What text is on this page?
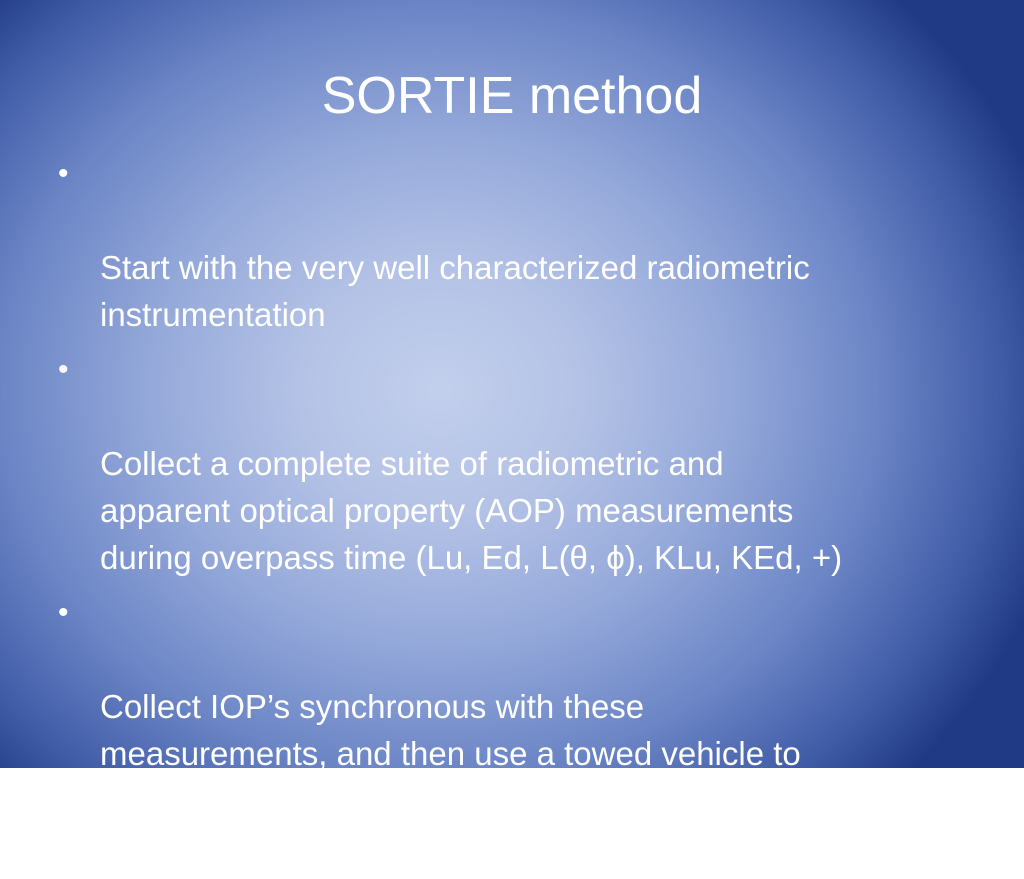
SORTIE method

•

Start with the very well characterized radiometric
instrumentation

•

Collect a complete suite of radiometric and
apparent optical property (AOP) measurements
during overpass time (Lu, Ed, L(θ, ϕ), KLu, KEd, +)

•

Collect IOP’s synchronous with these
measurements, and then use a towed vehicle to
investigate the IOP field around the measurement
site before and/or after the overpass
